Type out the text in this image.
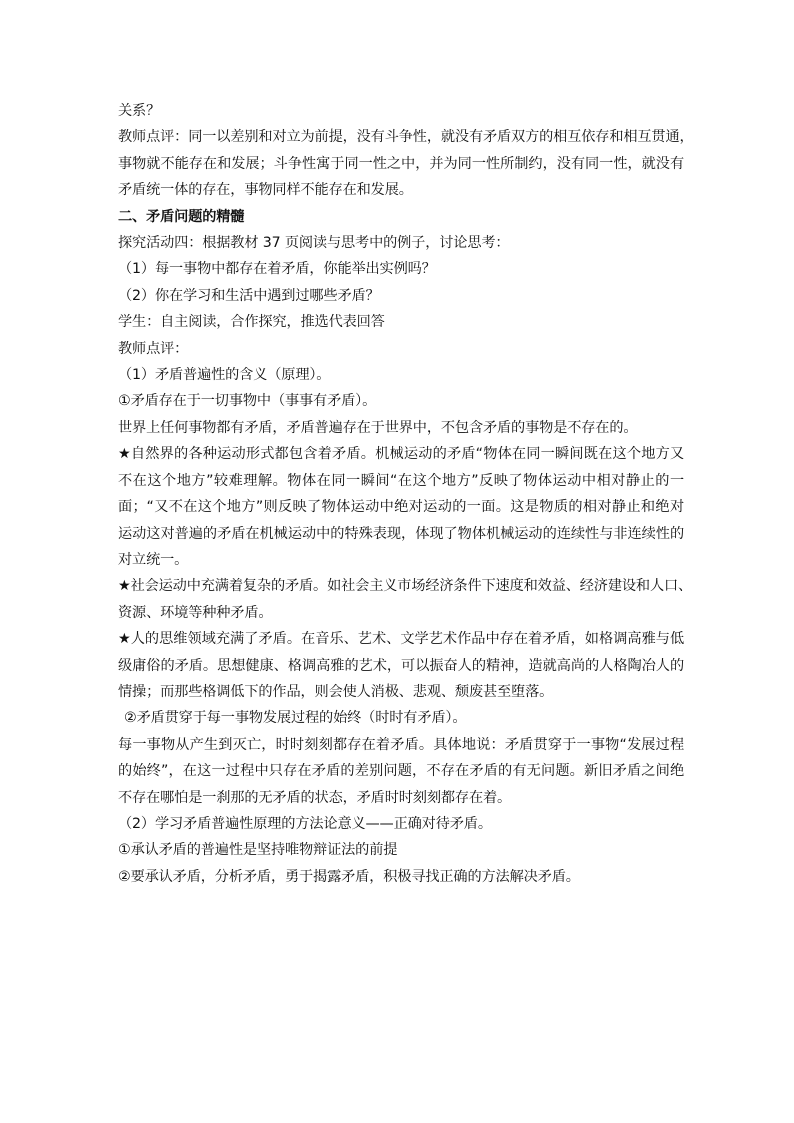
关系？

教师点评：同一以差别和对立为前提，没有斗争性，就没有矛盾双方的相互依存和相互贯通，

事物就不能存在和发展；斗争性寓于同一性之中，并为同一性所制约，没有同一性，就没有

矛盾统一体的存在，事物同样不能存在和发展。

二、矛盾问题的精髓

探究活动四：根据教材 37 页阅读与思考中的例子，讨论思考：

（1）每一事物中都存在着矛盾，你能举出实例吗？

（2）你在学习和生活中遇到过哪些矛盾？

学生：自主阅读，合作探究，推选代表回答

教师点评：

（1）矛盾普遍性的含义（原理）。

①矛盾存在于一切事物中（事事有矛盾）。

世界上任何事物都有矛盾，矛盾普遍存在于世界中，不包含矛盾的事物是不存在的。

★自然界的各种运动形式都包含着矛盾。机械运动的矛盾“物体在同一瞬间既在这个地方又

不在这个地方”较难理解。物体在同一瞬间“在这个地方”反映了物体运动中相对静止的一

面；“又不在这个地方”则反映了物体运动中绝对运动的一面。这是物质的相对静止和绝对

运动这对普遍的矛盾在机械运动中的特殊表现，体现了物体机械运动的连续性与非连续性的

对立统一。

★社会运动中充满着复杂的矛盾。如社会主义市场经济条件下速度和效益、经济建设和人口、

资源、环境等种种矛盾。

★人的思维领域充满了矛盾。在音乐、艺术、文学艺术作品中存在着矛盾，如格调高雅与低

级庸俗的矛盾。思想健康、格调高雅的艺术，可以振奋人的精神，造就高尚的人格陶冶人的

情操；而那些格调低下的作品，则会使人消极、悲观、颓废甚至堕落。

②矛盾贯穿于每一事物发展过程的始终（时时有矛盾）。

每一事物从产生到灭亡，时时刻刻都存在着矛盾。具体地说：矛盾贯穿于一事物“发展过程

的始终”，在这一过程中只存在矛盾的差别问题，不存在矛盾的有无问题。新旧矛盾之间绝

不存在哪怕是一刹那的无矛盾的状态，矛盾时时刻刻都存在着。

（2）学习矛盾普遍性原理的方法论意义——正确对待矛盾。

①承认矛盾的普遍性是坚持唯物辩证法的前提

②要承认矛盾，分析矛盾，勇于揭露矛盾，积极寻找正确的方法解决矛盾。
